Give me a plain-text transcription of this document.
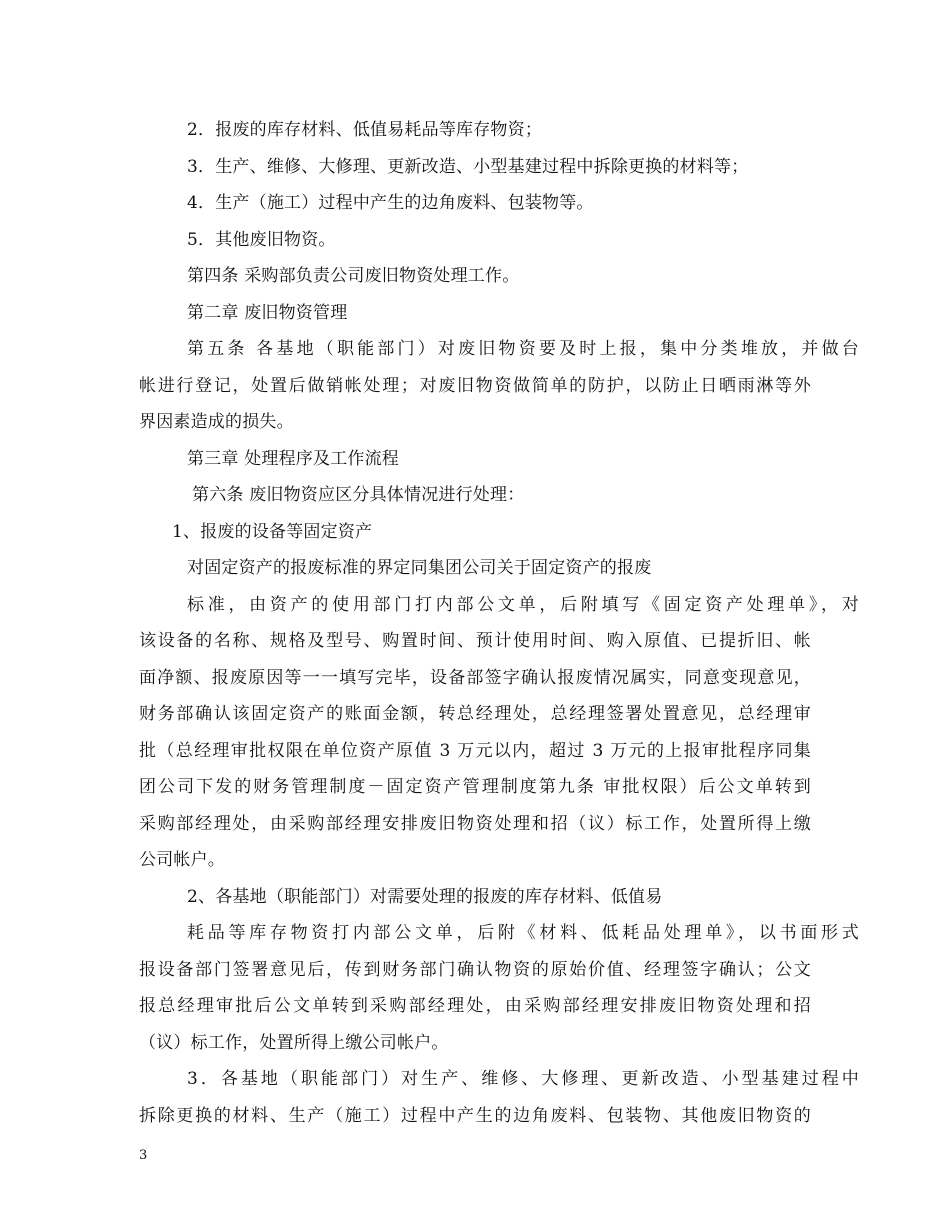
2．报废的库存材料、低值易耗品等库存物资；
3．生产、维修、大修理、更新改造、小型基建过程中拆除更换的材料等；
4．生产（施工）过程中产生的边角废料、包装物等。
5．其他废旧物资。
第四条 采购部负责公司废旧物资处理工作。
第二章 废旧物资管理
第五条 各基地（职能部门）对废旧物资要及时上报，集中分类堆放，并做台
帐进行登记，处置后做销帐处理；对废旧物资做简单的防护，以防止日晒雨淋等外
界因素造成的损失。
第三章 处理程序及工作流程
第六条 废旧物资应区分具体情况进行处理：
1、报废的设备等固定资产
对固定资产的报废标准的界定同集团公司关于固定资产的报废
标准，由资产的使用部门打内部公文单，后附填写《固定资产处理单》，对
该设备的名称、规格及型号、购置时间、预计使用时间、购入原值、已提折旧、帐
面净额、报废原因等一一填写完毕，设备部签字确认报废情况属实，同意变现意见，
财务部确认该固定资产的账面金额，转总经理处，总经理签署处置意见，总经理审
批（总经理审批权限在单位资产原值 3 万元以内，超过 3 万元的上报审批程序同集
团公司下发的财务管理制度－固定资产管理制度第九条 审批权限）后公文单转到
采购部经理处，由采购部经理安排废旧物资处理和招（议）标工作，处置所得上缴
公司帐户。
2、各基地（职能部门）对需要处理的报废的库存材料、低值易
耗品等库存物资打内部公文单，后附《材料、低耗品处理单》，以书面形式
报设备部门签署意见后，传到财务部门确认物资的原始价值、经理签字确认；公文
报总经理审批后公文单转到采购部经理处，由采购部经理安排废旧物资处理和招
（议）标工作，处置所得上缴公司帐户。
3．各基地（职能部门）对生产、维修、大修理、更新改造、小型基建过程中
拆除更换的材料、生产（施工）过程中产生的边角废料、包装物、其他废旧物资的
3
